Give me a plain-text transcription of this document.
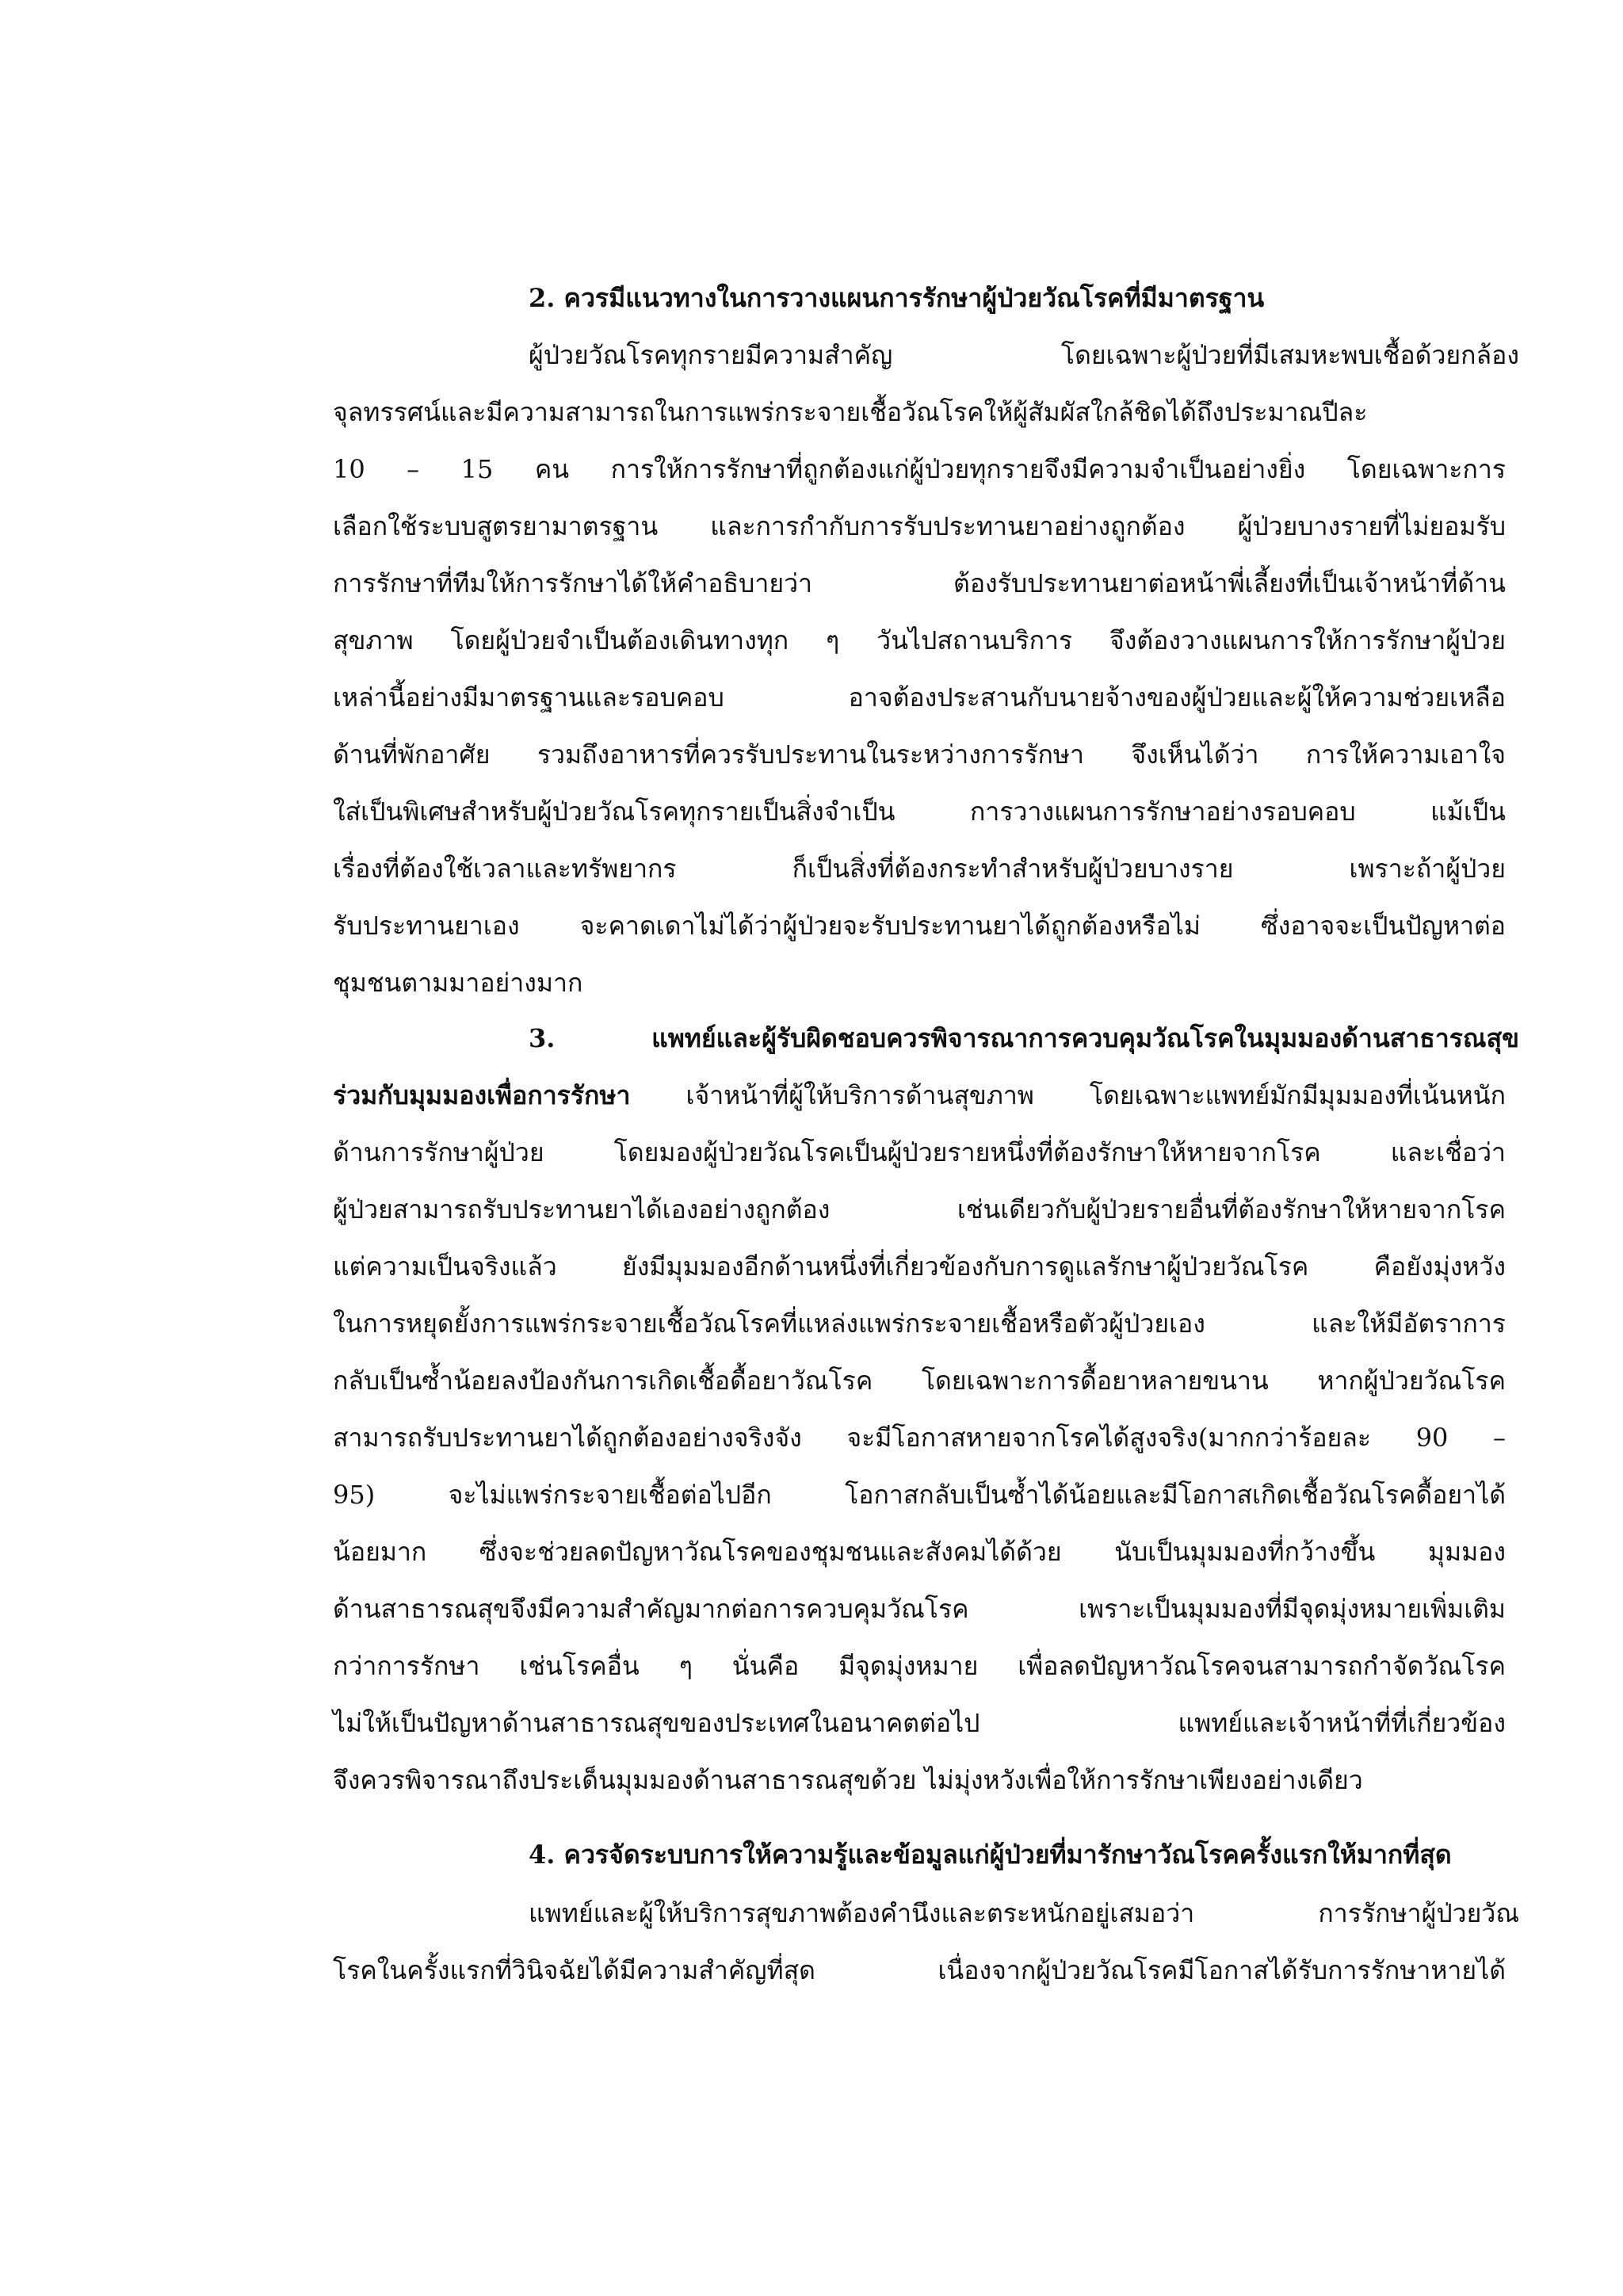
2. ควรมีแนวทางในการวางแผนการรักษาผู้ป่วยวัณโรคที่มีมาตรฐาน
ผู้ป่วยวัณโรคทุกรายมีความสำคัญ โดยเฉพาะผู้ป่วยที่มีเสมหะพบเชื้อด้วยกล้อง
จุลทรรศน์และมีความสามารถในการแพร่กระจายเชื้อวัณโรคให้ผู้สัมผัสใกล้ชิดได้ถึงประมาณปีละ
10 – 15 คน การให้การรักษาที่ถูกต้องแก่ผู้ป่วยทุกรายจึงมีความจำเป็นอย่างยิ่ง โดยเฉพาะการ
เลือกใช้ระบบสูตรยามาตรฐาน และการกำกับการรับประทานยาอย่างถูกต้อง ผู้ป่วยบางรายที่ไม่ยอมรับ
การรักษาที่ทีมให้การรักษาได้ให้คำอธิบายว่า ต้องรับประทานยาต่อหน้าพี่เลี้ยงที่เป็นเจ้าหน้าที่ด้าน
สุขภาพ โดยผู้ป่วยจำเป็นต้องเดินทางทุก ๆ วันไปสถานบริการ จึงต้องวางแผนการให้การรักษาผู้ป่วย
เหล่านี้อย่างมีมาตรฐานและรอบคอบ อาจต้องประสานกับนายจ้างของผู้ป่วยและผู้ให้ความช่วยเหลือ
ด้านที่พักอาศัย รวมถึงอาหารที่ควรรับประทานในระหว่างการรักษา จึงเห็นได้ว่า การให้ความเอาใจ
ใส่เป็นพิเศษสำหรับผู้ป่วยวัณโรคทุกรายเป็นสิ่งจำเป็น การวางแผนการรักษาอย่างรอบคอบ แม้เป็น
เรื่องที่ต้องใช้เวลาและทรัพยากร ก็เป็นสิ่งที่ต้องกระทำสำหรับผู้ป่วยบางราย เพราะถ้าผู้ป่วย
รับประทานยาเอง จะคาดเดาไม่ได้ว่าผู้ป่วยจะรับประทานยาได้ถูกต้องหรือไม่ ซึ่งอาจจะเป็นปัญหาต่อ
ชุมชนตามมาอย่างมาก
3. แพทย์และผู้รับผิดชอบควรพิจารณาการควบคุมวัณโรคในมุมมองด้านสาธารณสุข
ร่วมกับมุมมองเพื่อการรักษา เจ้าหน้าที่ผู้ให้บริการด้านสุขภาพ โดยเฉพาะแพทย์มักมีมุมมองที่เน้นหนัก
ด้านการรักษาผู้ป่วย โดยมองผู้ป่วยวัณโรคเป็นผู้ป่วยรายหนึ่งที่ต้องรักษาให้หายจากโรค และเชื่อว่า
ผู้ป่วยสามารถรับประทานยาได้เองอย่างถูกต้อง เช่นเดียวกับผู้ป่วยรายอื่นที่ต้องรักษาให้หายจากโรค
แต่ความเป็นจริงแล้ว ยังมีมุมมองอีกด้านหนึ่งที่เกี่ยวข้องกับการดูแลรักษาผู้ป่วยวัณโรค คือยังมุ่งหวัง
ในการหยุดยั้งการแพร่กระจายเชื้อวัณโรคที่แหล่งแพร่กระจายเชื้อหรือตัวผู้ป่วยเอง และให้มีอัตราการ
กลับเป็นซ้ำน้อยลงป้องกันการเกิดเชื้อดื้อยาวัณโรค โดยเฉพาะการดื้อยาหลายขนาน หากผู้ป่วยวัณโรค
สามารถรับประทานยาได้ถูกต้องอย่างจริงจัง จะมีโอกาสหายจากโรคได้สูงจริง(มากกว่าร้อยละ 90 –
95) จะไม่แพร่กระจายเชื้อต่อไปอีก โอกาสกลับเป็นซ้ำได้น้อยและมีโอกาสเกิดเชื้อวัณโรคดื้อยาได้
น้อยมาก ซึ่งจะช่วยลดปัญหาวัณโรคของชุมชนและสังคมได้ด้วย นับเป็นมุมมองที่กว้างขึ้น มุมมอง
ด้านสาธารณสุขจึงมีความสำคัญมากต่อการควบคุมวัณโรค เพราะเป็นมุมมองที่มีจุดมุ่งหมายเพิ่มเติม
กว่าการรักษา เช่นโรคอื่น ๆ นั่นคือ มีจุดมุ่งหมาย เพื่อลดปัญหาวัณโรคจนสามารถกำจัดวัณโรค
ไม่ให้เป็นปัญหาด้านสาธารณสุขของประเทศในอนาคตต่อไป แพทย์และเจ้าหน้าที่ที่เกี่ยวข้อง
จึงควรพิจารณาถึงประเด็นมุมมองด้านสาธารณสุขด้วย ไม่มุ่งหวังเพื่อให้การรักษาเพียงอย่างเดียว
4. ควรจัดระบบการให้ความรู้และข้อมูลแก่ผู้ป่วยที่มารักษาวัณโรคครั้งแรกให้มากที่สุด
แพทย์และผู้ให้บริการสุขภาพต้องคำนึงและตระหนักอยู่เสมอว่า การรักษาผู้ป่วยวัณ
โรคในครั้งแรกที่วินิจฉัยได้มีความสำคัญที่สุด เนื่องจากผู้ป่วยวัณโรคมีโอกาสได้รับการรักษาหายได้
